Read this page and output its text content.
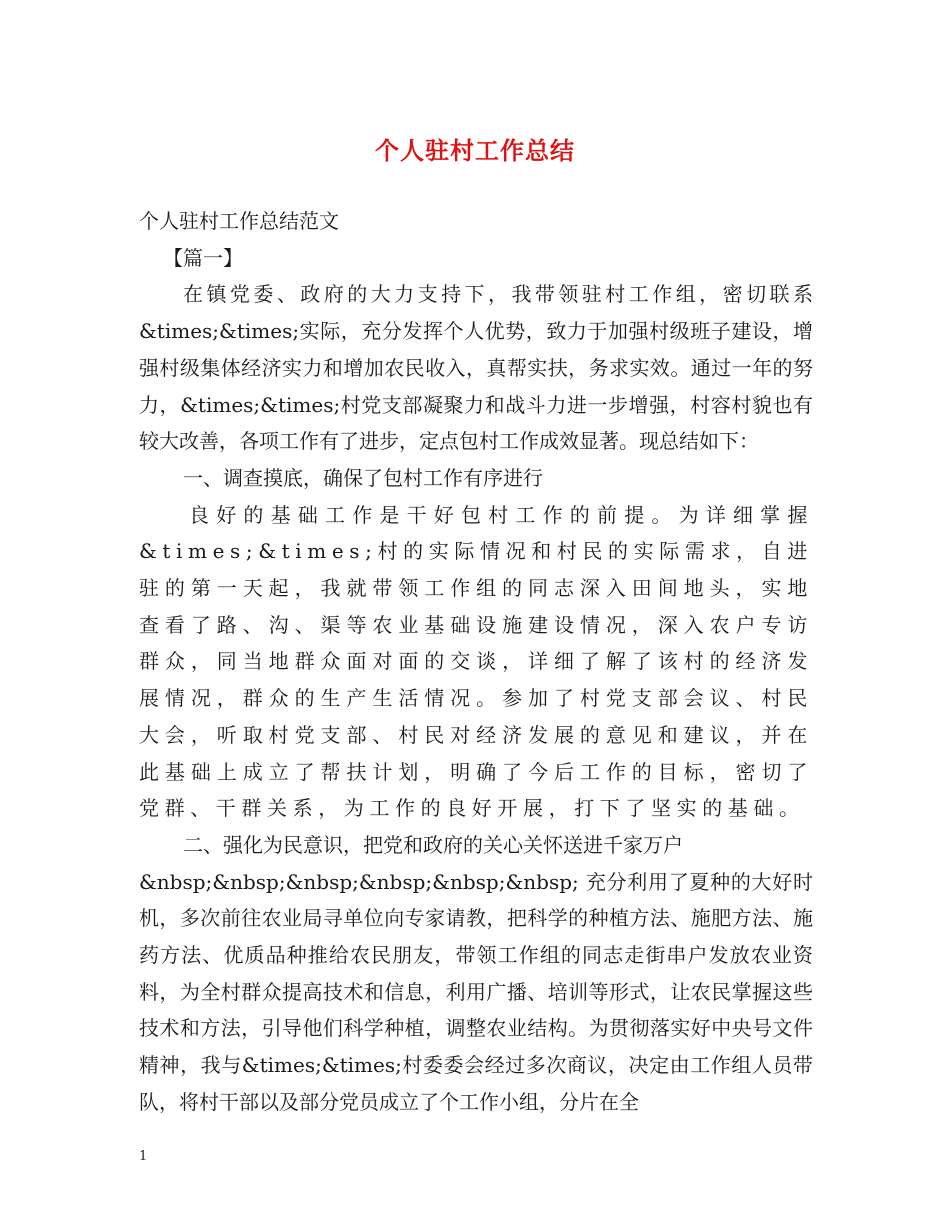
个人驻村工作总结

个人驻村工作总结范文

【篇一】

在镇党委、政府的大力支持下，我带领驻村工作组，密切联系&times;&times;实际，充分发挥个人优势，致力于加强村级班子建设，增强村级集体经济实力和增加农民收入，真帮实扶，务求实效。通过一年的努力，&times;&times;村党支部凝聚力和战斗力进一步增强，村容村貌也有较大改善，各项工作有了进步，定点包村工作成效显著。现总结如下：

一、调查摸底，确保了包村工作有序进行

良好的基础工作是干好包村工作的前提。为详细掌握&times;&times;村的实际情况和村民的实际需求，自进驻的第一天起，我就带领工作组的同志深入田间地头，实地查看了路、沟、渠等农业基础设施建设情况，深入农户专访群众，同当地群众面对面的交谈，详细了解了该村的经济发展情况，群众的生产生活情况。参加了村党支部会议、村民大会，听取村党支部、村民对经济发展的意见和建议，并在此基础上成立了帮扶计划，明确了今后工作的目标，密切了党群、干群关系，为工作的良好开展，打下了坚实的基础。

二、强化为民意识，把党和政府的关心关怀送进千家万户

&nbsp;&nbsp;&nbsp;&nbsp;&nbsp;&nbsp; 充分利用了夏种的大好时机，多次前往农业局寻单位向专家请教，把科学的种植方法、施肥方法、施药方法、优质品种推给农民朋友，带领工作组的同志走街串户发放农业资料，为全村群众提高技术和信息，利用广播、培训等形式，让农民掌握这些技术和方法，引导他们科学种植，调整农业结构。为贯彻落实好中央号文件精神，我与&times;&times;村委委会经过多次商议，决定由工作组人员带队，将村干部以及部分党员成立了个工作小组，分片在全

1
